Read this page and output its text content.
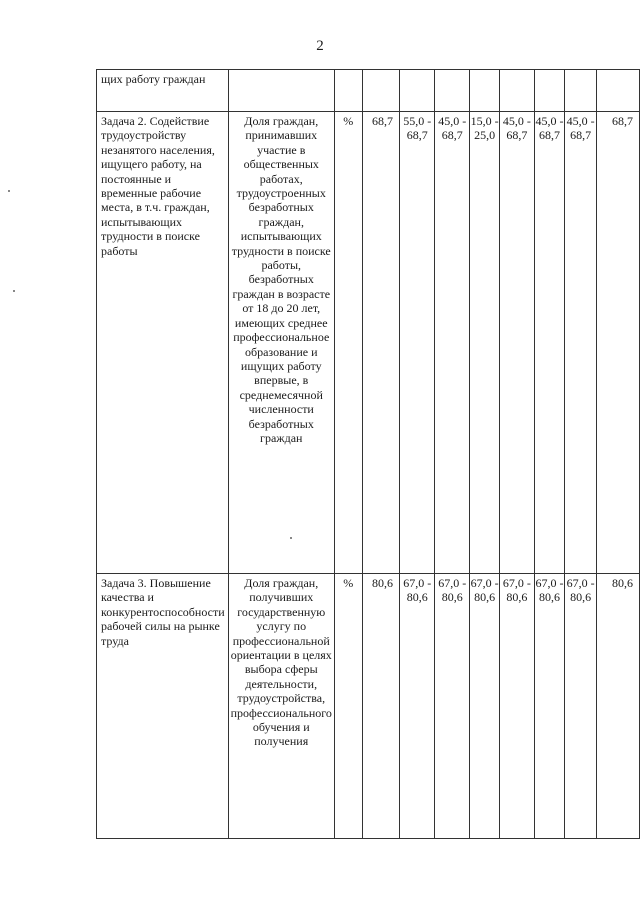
2
щих работу граждан										
Задача 2. Содействие трудоустройству незанятого населения, ищущего работу, на постоянные и временные рабочие места, в т.ч. граждан, испытывающих трудности в поиске работы	Доля граждан, принимавших участие в общественных работах, трудоустроенных безработных граждан, испытывающих трудности в поиске работы, безработных граждан в возрасте от 18 до 20 лет, имеющих среднее профессиональное образование и ищущих работу впервые, в среднемесячной численности безработных граждан	%	68,7	55,0 - 68,7	45,0 - 68,7	15,0 - 25,0	45,0 - 68,7	45,0 - 68,7	45,0 - 68,7	68,7
Задача 3. Повышение качества и конкурентоспособности рабочей силы на рынке труда	Доля граждан, получивших государственную услугу по профессиональной ориентации в целях выбора сферы деятельности, трудоустройства, профессионального обучения и получения	%	80,6	67,0 - 80,6	67,0 - 80,6	67,0 - 80,6	67,0 - 80,6	67,0 - 80,6	67,0 - 80,6	80,6
